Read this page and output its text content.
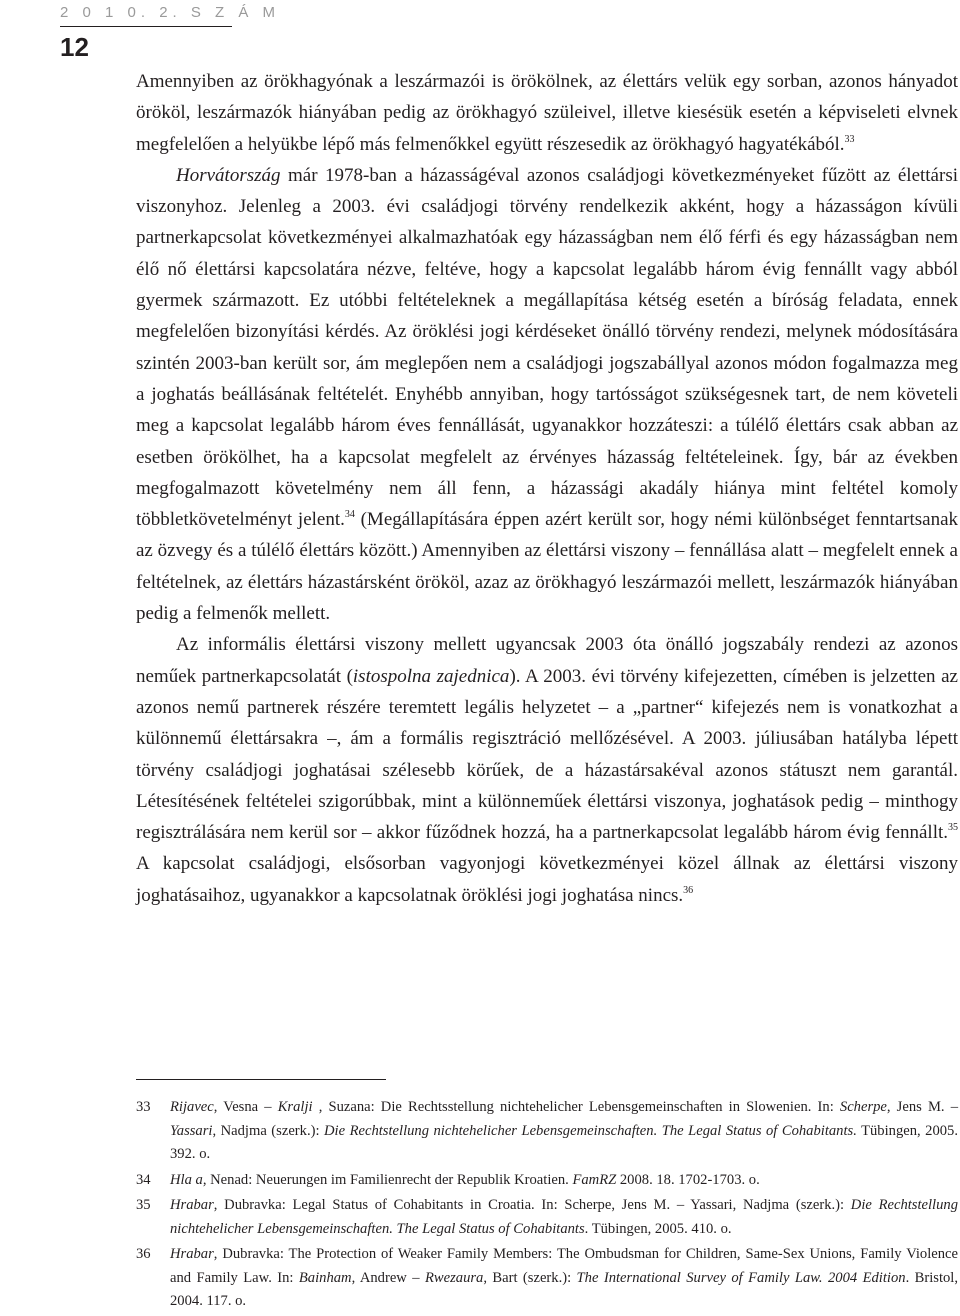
2 0 1 0. 2. S Z Á M
12

Amennyiben az örökhagyónak a leszármazói is örökölnek, az élettárs velük egy sorban, azonos hányadot örököl, leszármazók hiányában pedig az örökhagyó szüleivel, illetve kiesésük esetén a képviseleti elvnek megfelelően a helyükbe lépő más felmenőkkel együtt részesedik az örökhagyó hagyatékából.$^{33}$

Horvátország már 1978-ban a házasságéval azonos családjogi következményeket fűzött az élettársi viszonyhoz. Jelenleg a 2003. évi családjogi törvény rendelkezik akként, hogy a házasságon kívüli partnerkapcsolat következményei alkalmazhatóak egy házasságban nem élő férfi és egy házasságban nem élő nő élettársi kapcsolatára nézve, feltéve, hogy a kapcsolat legalább három évig fennállt vagy abból gyermek származott. Ez utóbbi feltételeknek a megállapítása kétség esetén a bíróság feladata, ennek megfelelően bizonyítási kérdés. Az öröklési jogi kérdéseket önálló törvény rendezi, melynek módosítására szintén 2003-ban került sor, ám meglepően nem a családjogi jogszabállyal azonos módon fogalmazza meg a joghatás beállásának feltételét. Enyhébb annyiban, hogy tartósságot szükségesnek tart, de nem követeli meg a kapcsolat legalább három éves fennállását, ugyanakkor hozzáteszi: a túlélő élettárs csak abban az esetben örökölhet, ha a kapcsolat megfelelt az érvényes házasság feltételeinek. Így, bár az években megfogalmazott követelmény nem áll fenn, a házassági akadály hiánya mint feltétel komoly többletkövetelményt jelent.$^{34}$ (Megállapítására éppen azért került sor, hogy némi különbséget fenntartsanak az özvegy és a túlélő élettárs között.) Amennyiben az élettársi viszony – fennállása alatt – megfelelt ennek a feltételnek, az élettárs házastársként örököl, azaz az örökhagyó leszármazói mellett, leszármazók hiányában pedig a felmenők mellett.

Az informális élettársi viszony mellett ugyancsak 2003 óta önálló jogszabály rendezi az azonos neműek partnerkapcsolatát (istospolna zajednica). A 2003. évi törvény kifejezetten, címében is jelzetten az azonos nemű partnerek részére teremtett legális helyzetet – a „partner“ kifejezés nem is vonatkozhat a különnemű élettársakra –, ám a formális regisztráció mellőzésével. A 2003. júliusában hatályba lépett törvény családjogi joghatásai szélesebb körűek, de a házastársakéval azonos státuszt nem garantál. Létesítésének feltételei szigorúbbak, mint a különneműek élettársi viszonya, joghatások pedig – minthogy regisztrálására nem kerül sor – akkor fűződnek hozzá, ha a partnerkapcsolat legalább három évig fennállt.$^{35}$ A kapcsolat családjogi, elsősorban vagyonjogi következményei közel állnak az élettársi viszony joghatásaihoz, ugyanakkor a kapcsolatnak öröklési jogi joghatása nincs.$^{36}$

33 Rijavec, Vesna – Kralji , Suzana: Die Rechtsstellung nichtehelicher Lebensgemeinschaften in Slowenien. In: Scherpe, Jens M. – Yassari, Nadjma (szerk.): Die Rechtstellung nichtehelicher Lebensgemeinschaften. The Legal Status of Cohabitants. Tübingen, 2005. 392. o.
34 Hla a, Nenad: Neuerungen im Familienrecht der Republik Kroatien. FamRZ 2008. 18. 1702-1703. o.
35 Hrabar, Dubravka: Legal Status of Cohabitants in Croatia. In: Scherpe, Jens M. – Yassari, Nadjma (szerk.): Die Rechtstellung nichtehelicher Lebensgemeinschaften. The Legal Status of Cohabitants. Tübingen, 2005. 410. o.
36 Hrabar, Dubravka: The Protection of Weaker Family Members: The Ombudsman for Children, Same-Sex Unions, Family Violence and Family Law. In: Bainham, Andrew – Rwezaura, Bart (szerk.): The International Survey of Family Law. 2004 Edition. Bristol, 2004. 117. o.
